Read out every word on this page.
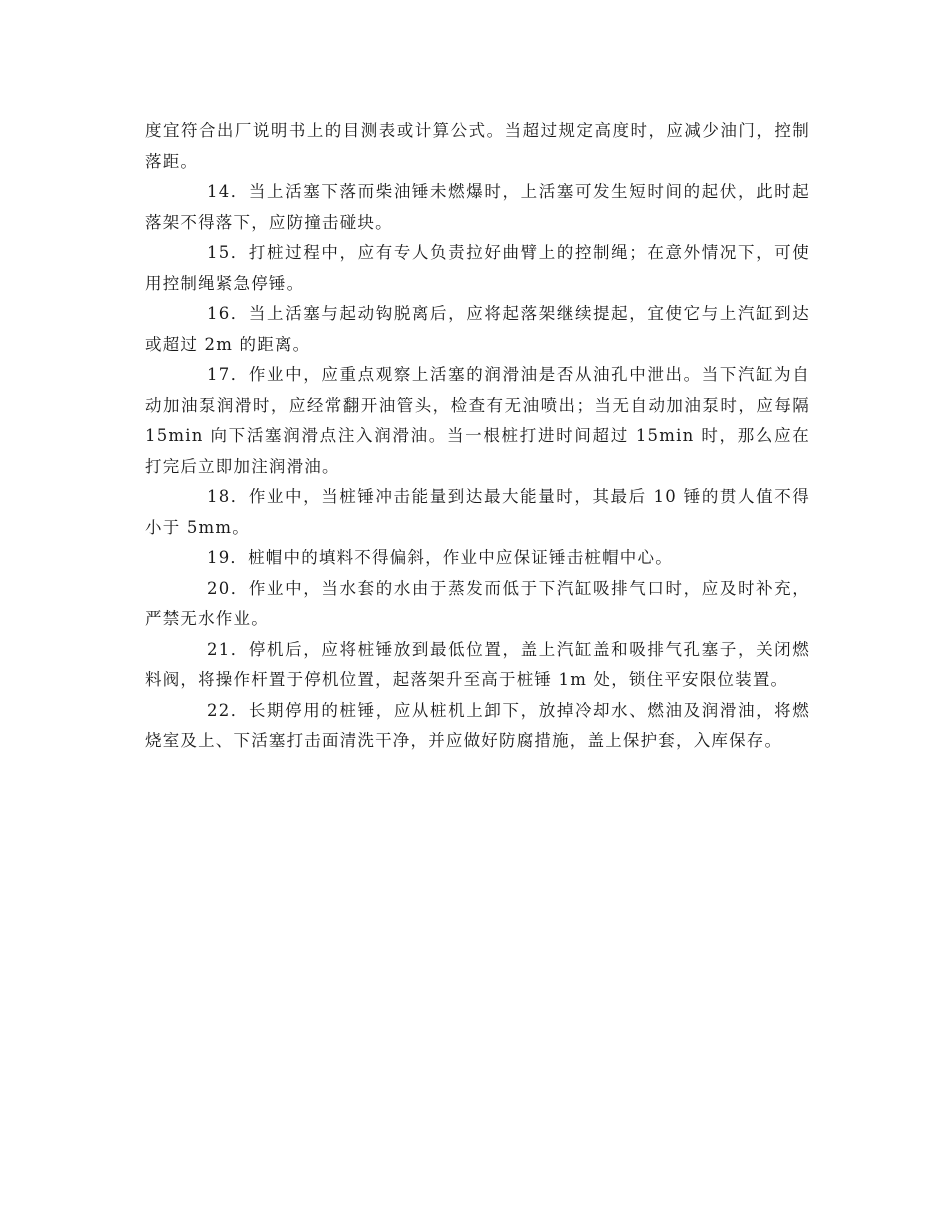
度宜符合出厂说明书上的目测表或计算公式。当超过规定高度时，应减少油门，控制落距。

14．当上活塞下落而柴油锤未燃爆时，上活塞可发生短时间的起伏，此时起落架不得落下，应防撞击碰块。

15．打桩过程中，应有专人负责拉好曲臂上的控制绳；在意外情况下，可使用控制绳紧急停锤。

16．当上活塞与起动钩脱离后，应将起落架继续提起，宜使它与上汽缸到达或超过 2m 的距离。

17．作业中，应重点观察上活塞的润滑油是否从油孔中泄出。当下汽缸为自动加油泵润滑时，应经常翻开油管头，检查有无油喷出；当无自动加油泵时，应每隔 15min 向下活塞润滑点注入润滑油。当一根桩打进时间超过 15min 时，那么应在打完后立即加注润滑油。

18．作业中，当桩锤冲击能量到达最大能量时，其最后 10 锤的贯人值不得小于 5mm。

19．桩帽中的填料不得偏斜，作业中应保证锤击桩帽中心。

20．作业中，当水套的水由于蒸发而低于下汽缸吸排气口时，应及时补充，严禁无水作业。

21．停机后，应将桩锤放到最低位置，盖上汽缸盖和吸排气孔塞子，关闭燃料阀，将操作杆置于停机位置，起落架升至高于桩锤 1m 处，锁住平安限位装置。

22．长期停用的桩锤，应从桩机上卸下，放掉冷却水、燃油及润滑油，将燃烧室及上、下活塞打击面清洗干净，并应做好防腐措施，盖上保护套，入库保存。
